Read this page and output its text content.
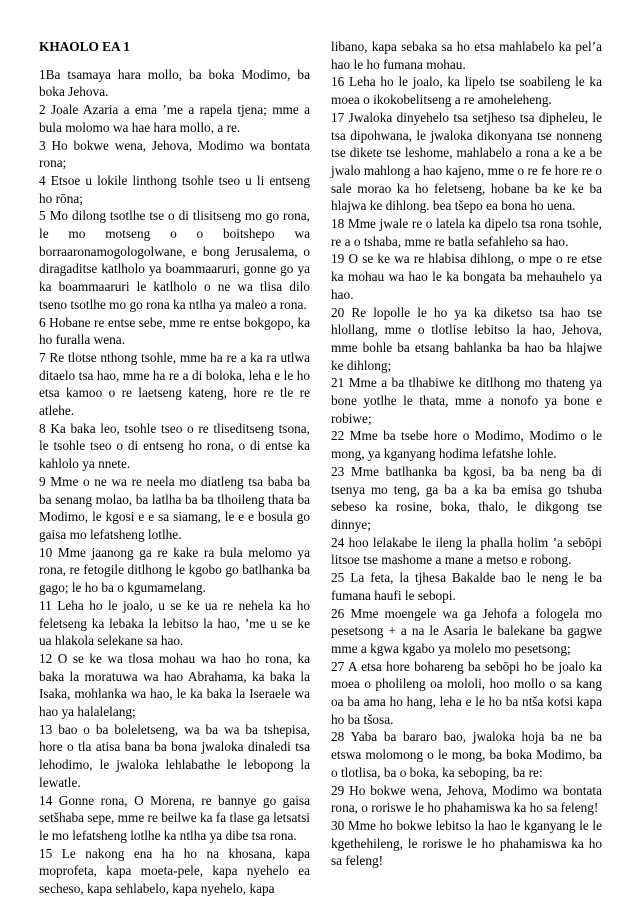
KHAOLO EA 1

1Ba tsamaya hara mollo, ba boka Modimo, ba boka Jehova.

2 Joale Azaria a ema ’me a rapela tjena; mme a bula molomo wa hae hara mollo, a re.

3 Ho bokwe wena, Jehova, Modimo wa bontata rona;

4 Etsoe u lokile linthong tsohle tseo u li entseng ho rōna;

5 Mo dilong tsotlhe tse o di tlisitseng mo go rona, le mo motseng o o boitshepo wa borraaronamogologolwane, e bong Jerusalema, o diragaditse katlholo ya boammaaruri, gonne go ya ka boammaaruri le katlholo o ne wa tlisa dilo tseno tsotlhe mo go rona ka ntlha ya maleo a rona.

6 Hobane re entse sebe, mme re entse bokgopo, ka ho furalla wena.

7 Re tlotse nthong tsohle, mme ha re a ka ra utlwa ditaelo tsa hao, mme ha re a di boloka, leha e le ho etsa kamoo o re laetseng kateng, hore re tle re atlehe.

8 Ka baka leo, tsohle tseo o re tliseditseng tsona, le tsohle tseo o di entseng ho rona, o di entse ka kahlolo ya nnete.

9 Mme o ne wa re neela mo diatleng tsa baba ba ba senang molao, ba latlha ba ba tlhoileng thata ba Modimo, le kgosi e e sa siamang, le e e bosula go gaisa mo lefatsheng lotlhe.

10 Mme jaanong ga re kake ra bula melomo ya rona, re fetogile ditlhong le kgobo go batlhanka ba gago; le ho ba o kgumamelang.

11 Leha ho le joalo, u se ke ua re nehela ka ho feletseng ka lebaka la lebitso la hao, ’me u se ke ua hlakola selekane sa hao.

12 O se ke wa tlosa mohau wa hao ho rona, ka baka la moratuwa wa hao Abrahama, ka baka la Isaka, mohlanka wa hao, le ka baka la Iseraele wa hao ya halalelang;

13 bao o ba boleletseng, wa ba wa ba tshepisa, hore o tla atisa bana ba bona jwaloka dinaledi tsa lehodimo, le jwaloka lehlabathe le lebopong la lewatle.

14 Gonne rona, O Morena, re bannye go gaisa setšhaba sepe, mme re beilwe ka fa tlase ga letsatsi le mo lefatsheng lotlhe ka ntlha ya dibe tsa rona.

15 Le nakong ena ha ho na khosana, kapa moprofeta, kapa moeta-pele, kapa nyehelo ea secheso, kapa sehlabelo, kapa nyehelo, kapa

libano, kapa sebaka sa ho etsa mahlabelo ka pel’a hao le ho fumana mohau.

16 Leha ho le joalo, ka lipelo tse soabileng le ka moea o ikokobelitseng a re amoheleheng.

17 Jwaloka dinyehelo tsa setjheso tsa dipheleu, le tsa dipohwana, le jwaloka dikonyana tse nonneng tse dikete tse leshome, mahlabelo a rona a ke a be jwalo mahlong a hao kajeno, mme o re fe hore re o sale morao ka ho feletseng, hobane ba ke ke ba hlajwa ke dihlong. bea tšepo ea bona ho uena.

18 Mme jwale re o latela ka dipelo tsa rona tsohle, re a o tshaba, mme re batla sefahleho sa hao.

19 O se ke wa re hlabisa dihlong, o mpe o re etse ka mohau wa hao le ka bongata ba mehauhelo ya hao.

20 Re lopolle le ho ya ka diketso tsa hao tse hlollang, mme o tlotlise lebitso la hao, Jehova, mme bohle ba etsang bahlanka ba hao ba hlajwe ke dihlong;

21 Mme a ba tlhabiwe ke ditlhong mo thateng ya bone yotlhe le thata, mme a nonofo ya bone e robiwe;

22 Mme ba tsebe hore o Modimo, Modimo o le mong, ya kganyang hodima lefatshe lohle.

23 Mme batlhanka ba kgosi, ba ba neng ba di tsenya mo teng, ga ba a ka ba emisa go tshuba sebeso ka rosine, boka, thalo, le dikgong tse dinnye;

24 hoo lelakabe le ileng la phalla holim ’a sebōpi litsoe tse mashome a mane a metso e robong.

25 La feta, la tjhesa Bakalde bao le neng le ba fumana haufi le sebopi.

26 Mme moengele wa ga Jehofa a fologela mo pesetsong + a na le Asaria le balekane ba gagwe mme a kgwa kgabo ya molelo mo pesetsong;

27 A etsa hore bohareng ba sebōpi ho be joalo ka moea o pholileng oa mololi, hoo mollo o sa kang oa ba ama ho hang, leha e le ho ba ntša kotsi kapa ho ba tšosa.

28 Yaba ba bararo bao, jwaloka hoja ba ne ba etswa molomong o le mong, ba boka Modimo, ba o tlotlisa, ba o boka, ka seboping, ba re:

29 Ho bokwe wena, Jehova, Modimo wa bontata rona, o roriswe le ho phahamiswa ka ho sa feleng!

30 Mme ho bokwe lebitso la hao le kganyang le le kgethehileng, le roriswe le ho phahamiswa ka ho sa feleng!
